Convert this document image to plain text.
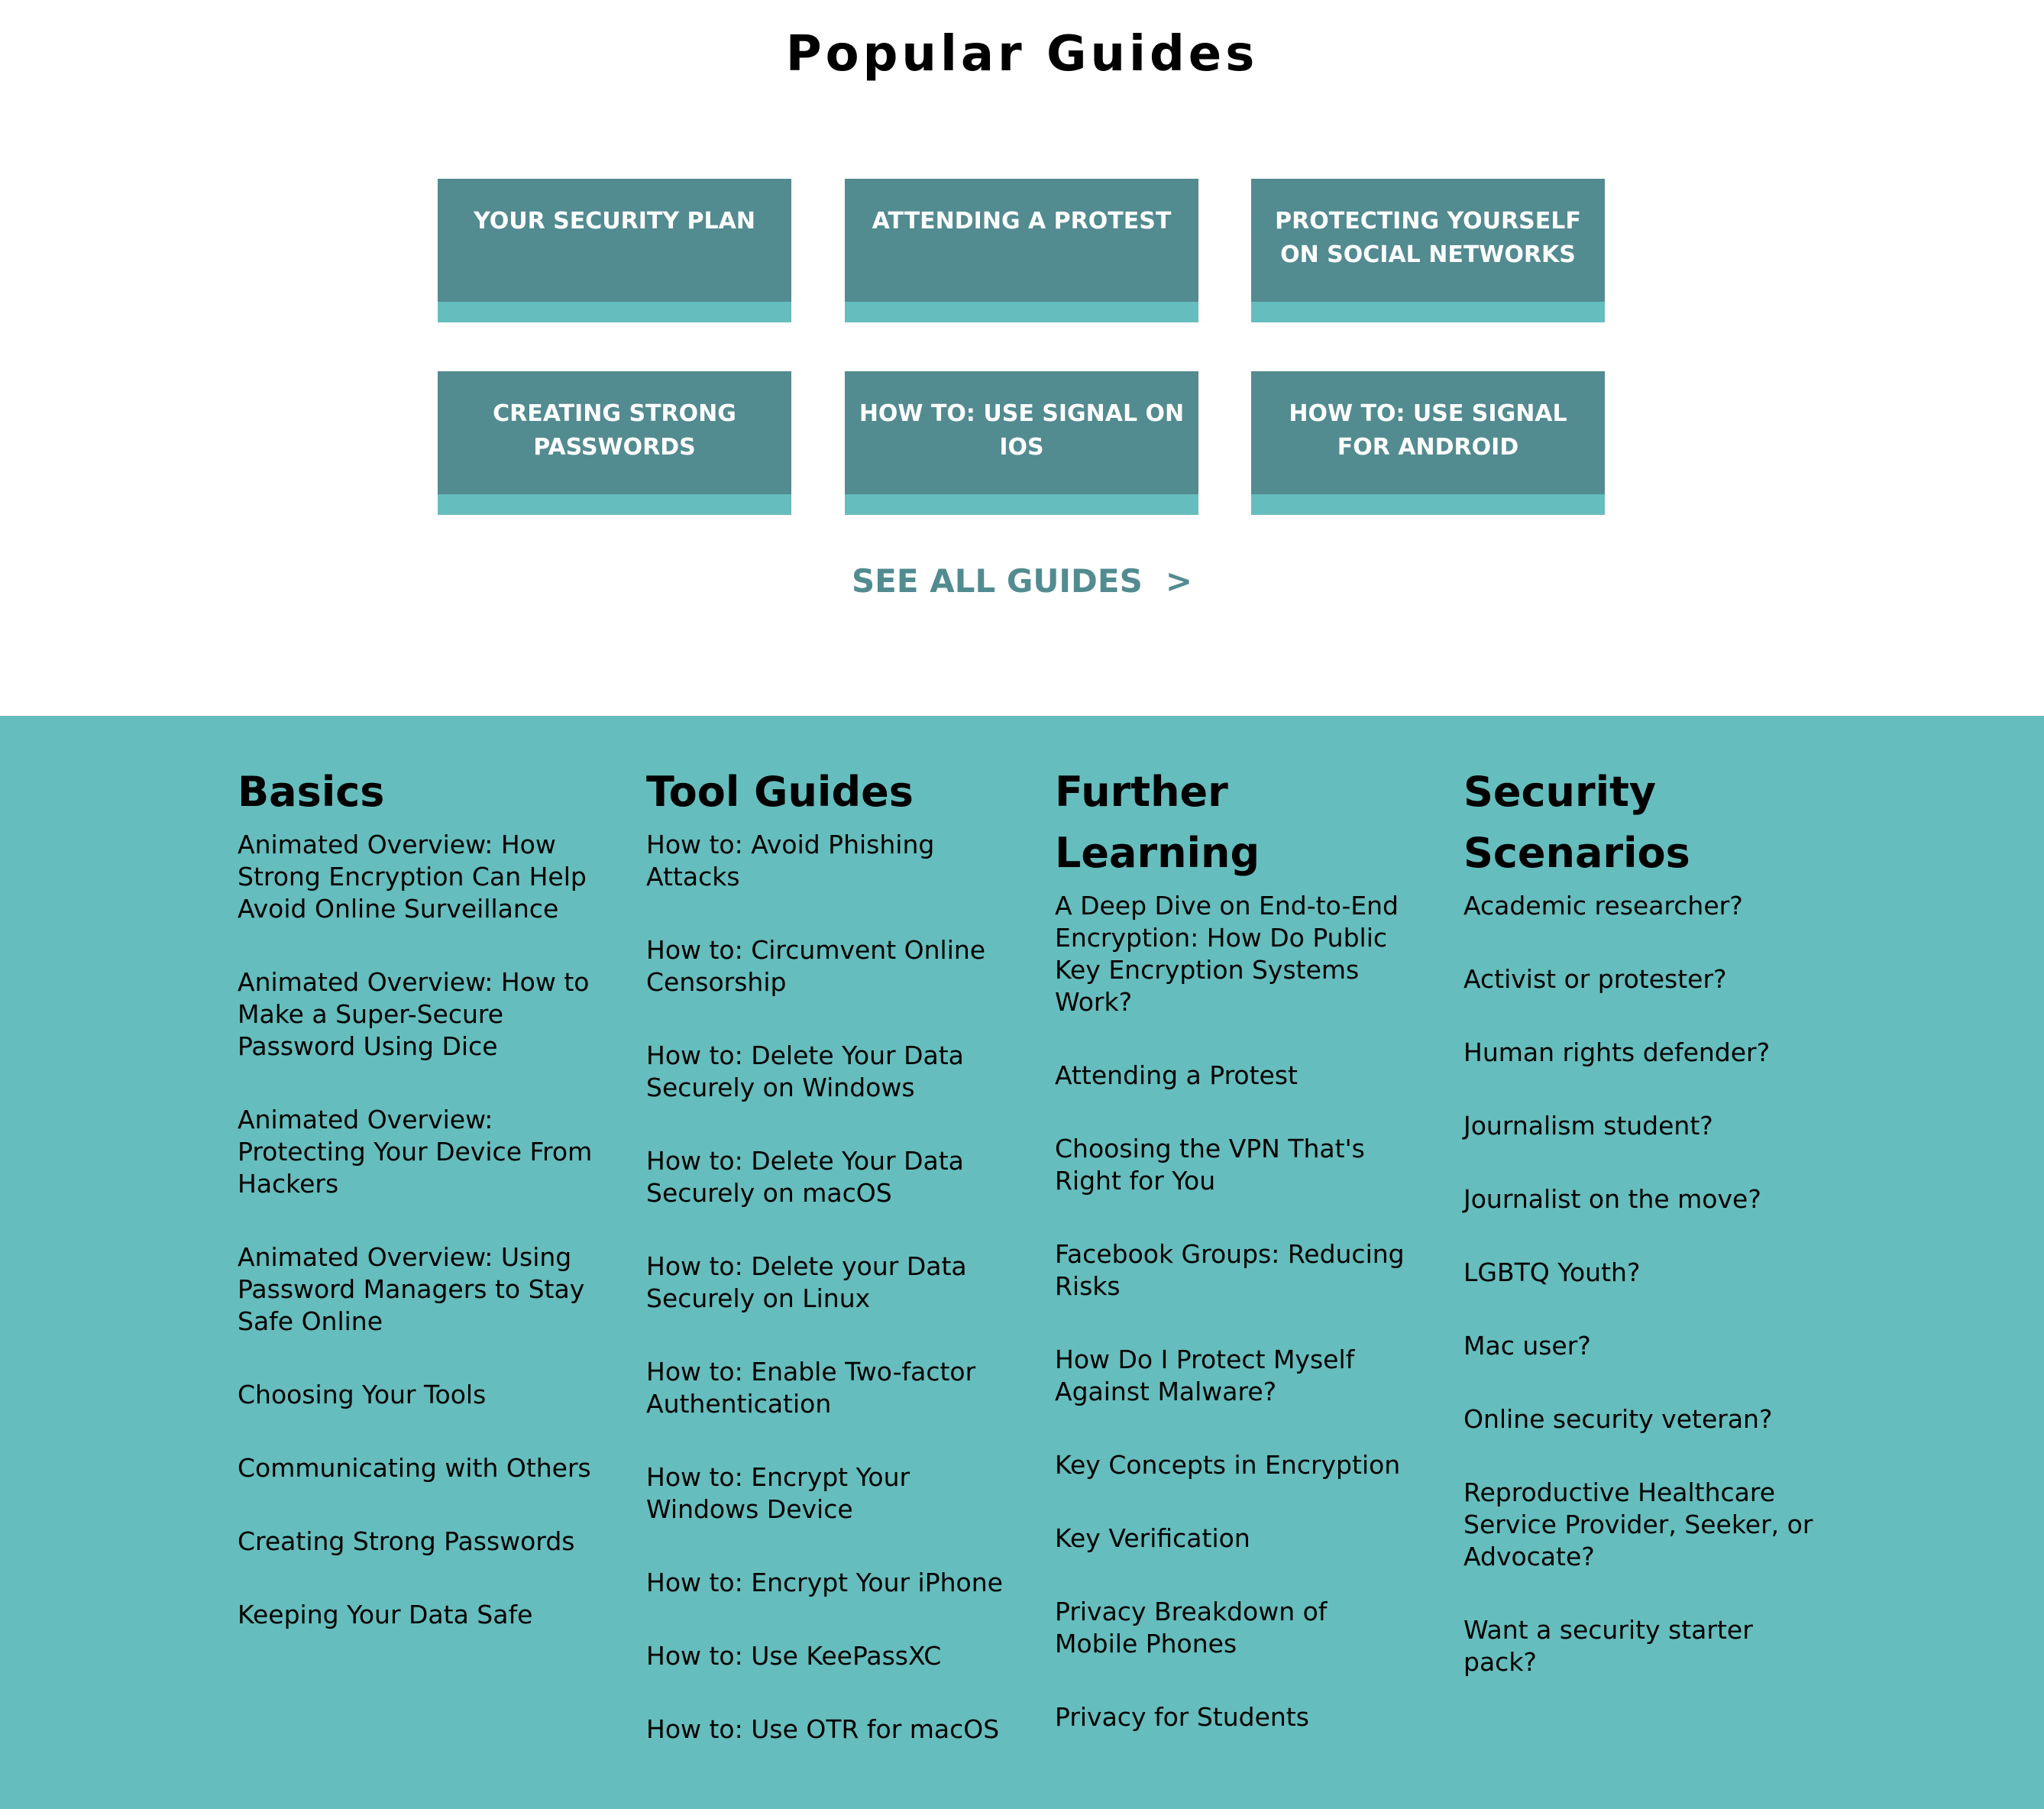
Popular Guides
YOUR SECURITY PLAN	ATTENDING A PROTEST	PROTECTING YOURSELF ON SOCIAL NETWORKS
CREATING STRONG PASSWORDS
HOW TO: USE SIGNAL ON IOS
HOW TO: USE SIGNAL FOR ANDROID
SEE ALL GUIDES >
Basics
Animated Overview: How Strong Encryption Can Help Avoid Online Surveillance
Animated Overview: How to Make a Super-Secure Password Using Dice
Animated Overview: Protecting Your Device From Hackers
Animated Overview: Using Password Managers to Stay Safe Online
Choosing Your Tools
Communicating with Others
Creating Strong Passwords
Keeping Your Data Safe
Tool Guides
How to: Avoid Phishing Attacks
How to: Circumvent Online Censorship
How to: Delete Your Data Securely on Windows
How to: Delete Your Data Securely on macOS
How to: Delete your Data Securely on Linux
How to: Enable Two-factor Authentication
How to: Encrypt Your Windows Device
How to: Encrypt Your iPhone
How to: Use KeePassXC
How to: Use OTR for macOS
Further Learning
A Deep Dive on End-to-End Encryption: How Do Public Key Encryption Systems Work?
Attending a Protest
Choosing the VPN That's Right for You
Facebook Groups: Reducing Risks
How Do I Protect Myself Against Malware?
Key Concepts in Encryption
Key Verification
Privacy Breakdown of Mobile Phones
Privacy for Students
Security Scenarios
Academic researcher?
Activist or protester?
Human rights defender?
Journalism student?
Journalist on the move?
LGBTQ Youth?
Mac user?
Online security veteran?
Reproductive Healthcare Service Provider, Seeker, or Advocate?
Want a security starter pack?
